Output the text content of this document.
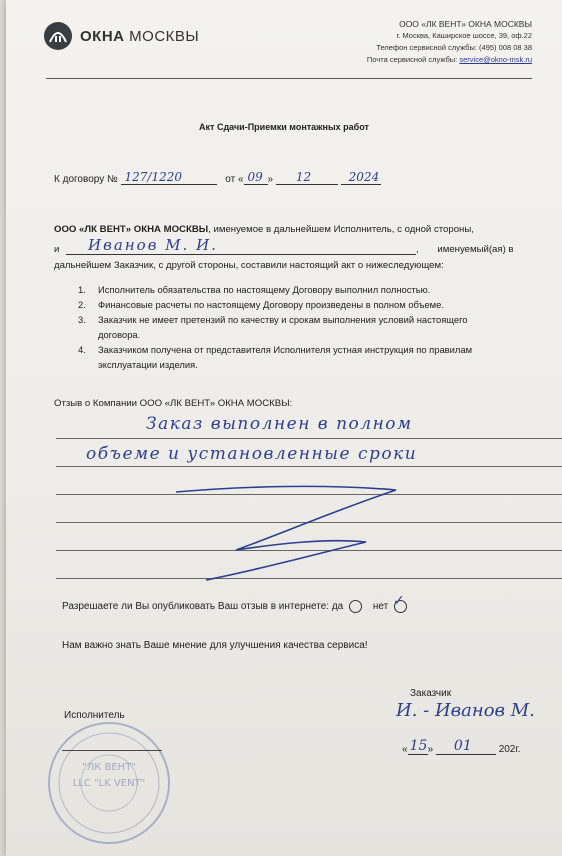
ОКНА МОСКВЫ
ООО «ЛК ВЕНТ» ОКНА МОСКВЫ
г. Москва, Каширское шоссе, 39, оф.22
Телефон сервисной службы: (495) 008 08 38
Почта сервисной службы: service@okno-msk.ru
Акт Сдачи-Приемки монтажных работ
К договору № 127/1220	от « 09 » 12
	2024
ООО «ЛК ВЕНТ» ОКНА МОСКВЫ, именуемое в дальнейшем Исполнитель, с одной стороны,
и Иванов М. И.	, именуемый(ая) в
дальнейшем Заказчик, с другой стороны, составили настоящий акт о нижеследующем:
1.	Исполнитель обязательства по настоящему Договору выполнил полностью.
2.	Финансовые расчеты по настоящему Договору произведены в полном объеме.
3.	Заказчик не имеет претензий по качеству и срокам выполнения условий настоящего
договора.
4.	Заказчиком получена от представителя Исполнителя устная инструкция по правилам
эксплуатации изделия.
Отзыв о Компании ООО «ЛК ВЕНТ» ОКНА МОСКВЫ:
Заказ выполнен в полном
объеме и установленные сроки
Разрешаете ли Вы опубликовать Ваш отзыв в интернете: да	нет ✓
Нам важно знать Ваше мнение для улучшения качества сервиса!
"ЛК ВЕНТ"
LLC "LK VENT"
Исполнитель
Заказчик
И. - Иванов М.
« 15 » 01	202г.
